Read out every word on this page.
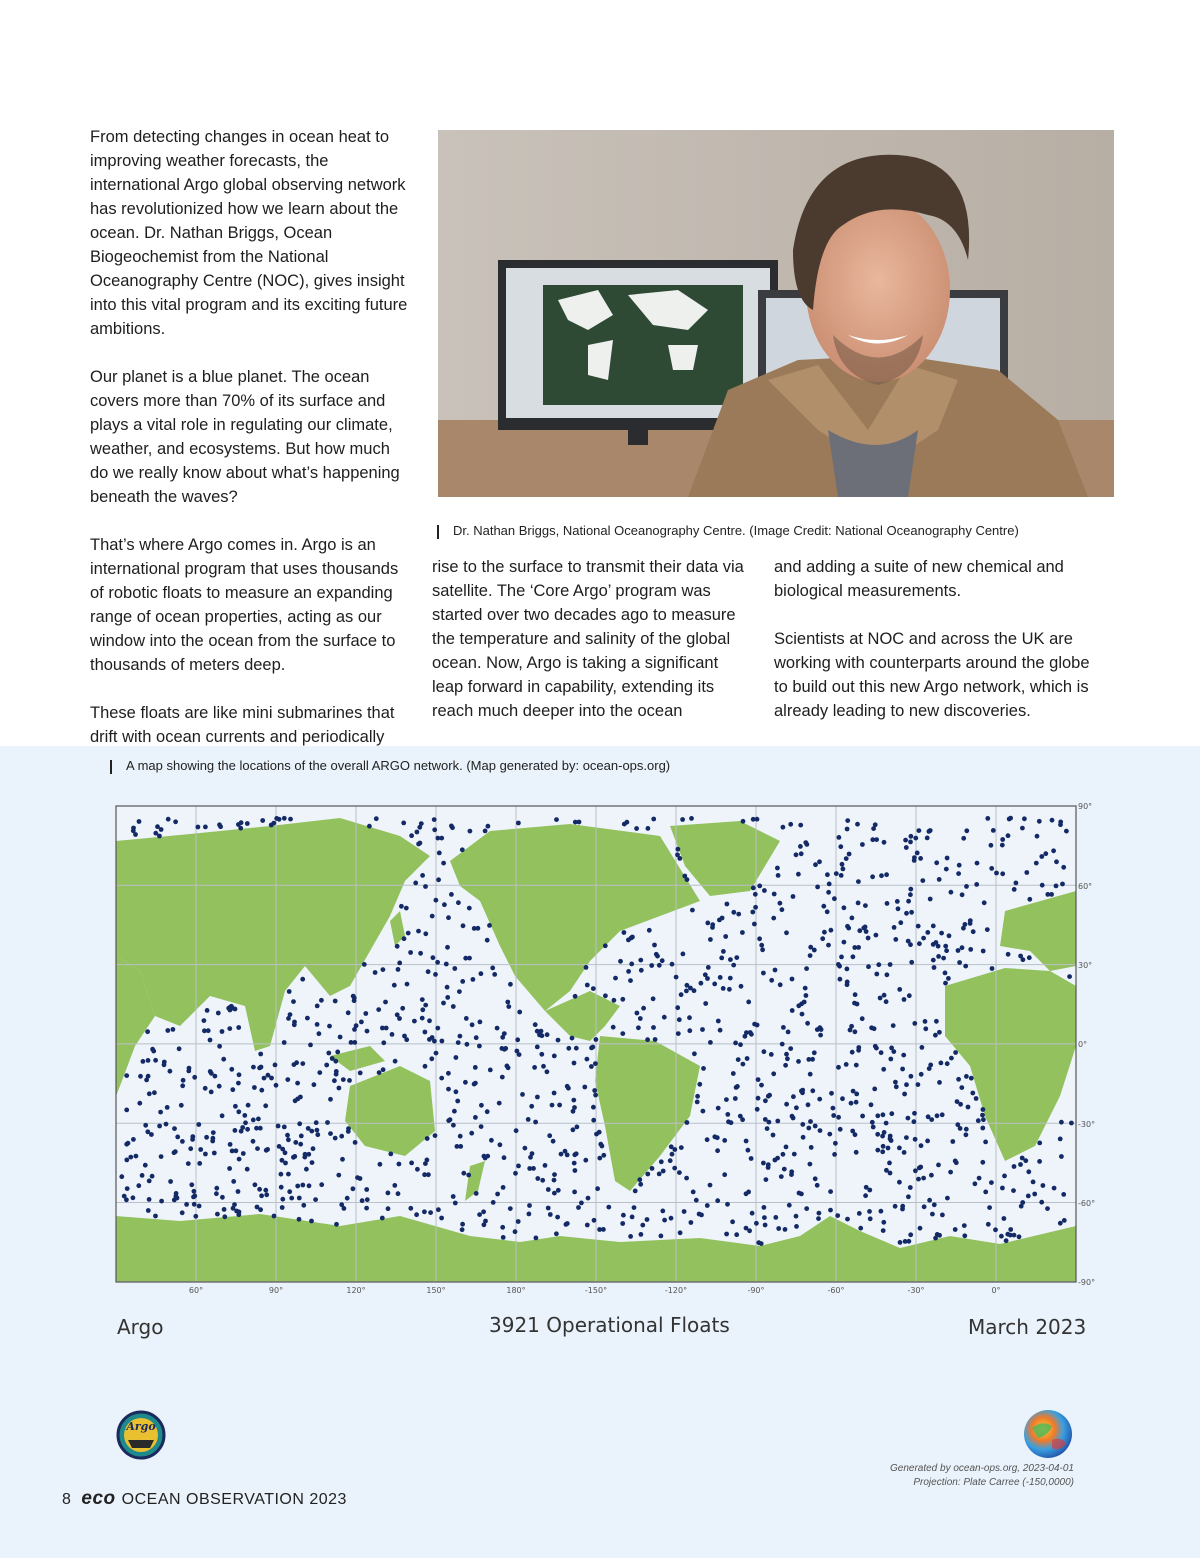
From detecting changes in ocean heat to improving weather forecasts, the international Argo global observing network has revolutionized how we learn about the ocean. Dr. Nathan Briggs, Ocean Biogeochemist from the National Oceanography Centre (NOC), gives insight into this vital program and its exciting future ambitions.

Our planet is a blue planet. The ocean covers more than 70% of its surface and plays a vital role in regulating our climate, weather, and ecosystems. But how much do we really know about what’s happening beneath the waves?

That’s where Argo comes in. Argo is an international program that uses thousands of robotic floats to measure an expanding range of ocean properties, acting as our window into the ocean from the surface to thousands of meters deep.

These floats are like mini submarines that drift with ocean currents and periodically

Dr. Nathan Briggs, National Oceanography Centre. (Image Credit: National Oceanography Centre)

rise to the surface to transmit their data via satellite. The ‘Core Argo’ program was started over two decades ago to measure the temperature and salinity of the global ocean. Now, Argo is taking a significant leap forward in capability, extending its reach much deeper into the ocean

and adding a suite of new chemical and biological measurements.

Scientists at NOC and across the UK are working with counterparts around the globe to build out this new Argo network, which is already leading to new discoveries.

A map showing the locations of the overall ARGO network. (Map generated by: ocean-ops.org)
90°
60°
30°
0°
-30°
-60°
-90°
60°	90°	120°	150°	180°	-150°	-120°	-90°	-60°	-30°	0°
Argo	3921 Operational Floats	March 2023
Argo
Generated by ocean-ops.org, 2023-04-01
Projection: Plate Carree (-150,0000)
8 eco OCEAN OBSERVATION 2023
